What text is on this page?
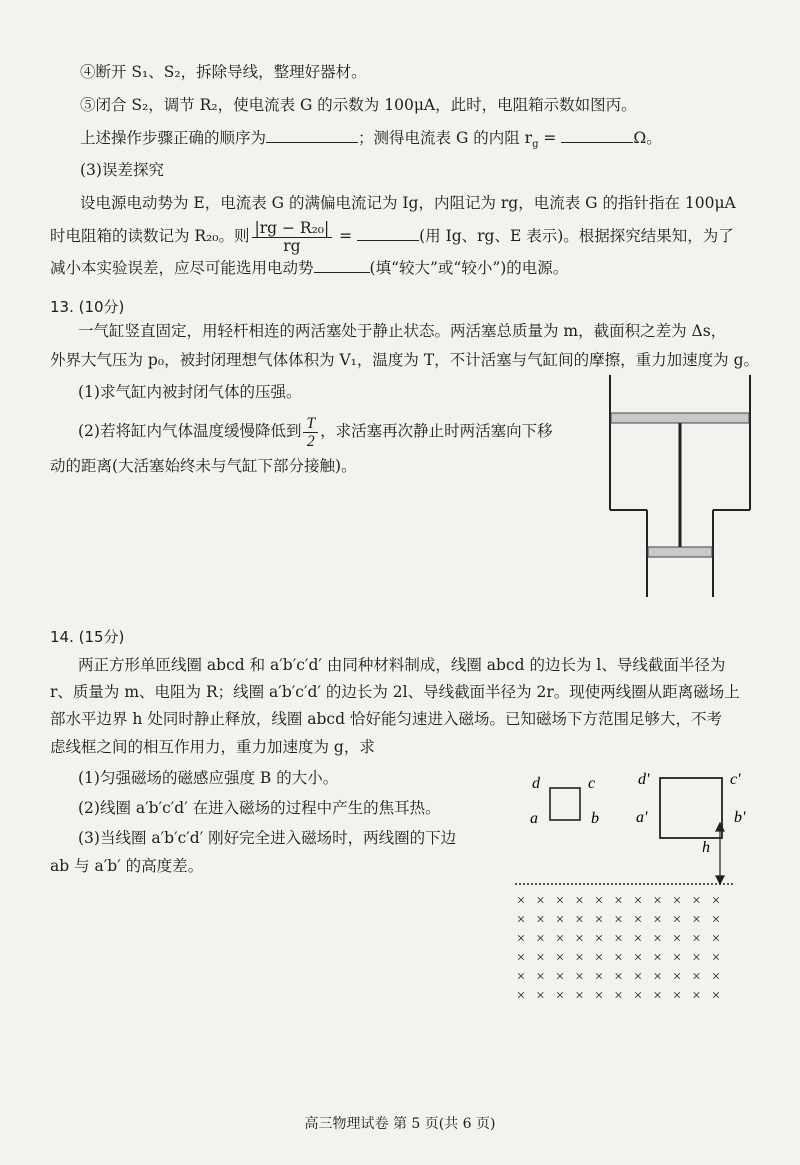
④断开 S₁、S₂，拆除导线，整理好器材。
⑤闭合 S₂，调节 R₂，使电流表 G 的示数为 100μA，此时，电阻箱示数如图丙。
上述操作步骤正确的顺序为	；测得电流表 G 的内阻 $r_g$ =	Ω。
(3)误差探究
设电源电动势为 E，电流表 G 的满偏电流记为 Ig，内阻记为 rg，电流表 G 的指针指在 100μA
时电阻箱的读数记为 R₂₀。则 $\frac{\text{|rg − R₂₀|}}{rg}$ =	(用 Ig、rg、E 表示)。根据探究结果知，为了
减小本实验误差，应尽可能选用电动势	(填“较大”或“较小”)的电源。
13. (10分)
一气缸竖直固定，用轻杆相连的两活塞处于静止状态。两活塞总质量为 m，截面积之差为 Δs，
外界大气压为 p₀，被封闭理想气体体积为 V₁，温度为 T，不计活塞与气缸间的摩擦，重力加速度为 g。
(1)求气缸内被封闭气体的压强。
(2)若将缸内气体温度缓慢降低到 $\frac{T}{2}$ ，求活塞再次静止时两活塞向下移
动的距离(大活塞始终未与气缸下部分接触)。
14. (15分)
两正方形单匝线圈 abcd 和 a′b′c′d′ 由同种材料制成，线圈 abcd 的边长为 l、导线截面半径为
r、质量为 m、电阻为 R；线圈 a′b′c′d′ 的边长为 2l、导线截面半径为 2r。现使两线圈从距离磁场上
部水平边界 h 处同时静止释放，线圈 abcd 恰好能匀速进入磁场。已知磁场下方范围足够大，不考
虑线框之间的相互作用力，重力加速度为 g，求
(1)匀强磁场的磁感应强度 B 的大小。
(2)线圈 a′b′c′d′ 在进入磁场的过程中产生的焦耳热。
(3)当线圈 a′b′c′d′ 刚好完全进入磁场时，两线圈的下边
ab 与 a′b′ 的高度差。
d	c
a	b
d'	c'
a'	b'
h
× × × × × × × × × × ×
× × × × × × × × × × ×
× × × × × × × × × × ×
× × × × × × × × × × ×
× × × × × × × × × × ×
× × × × × × × × × × ×
高三物理试卷 第 5 页(共 6 页)
